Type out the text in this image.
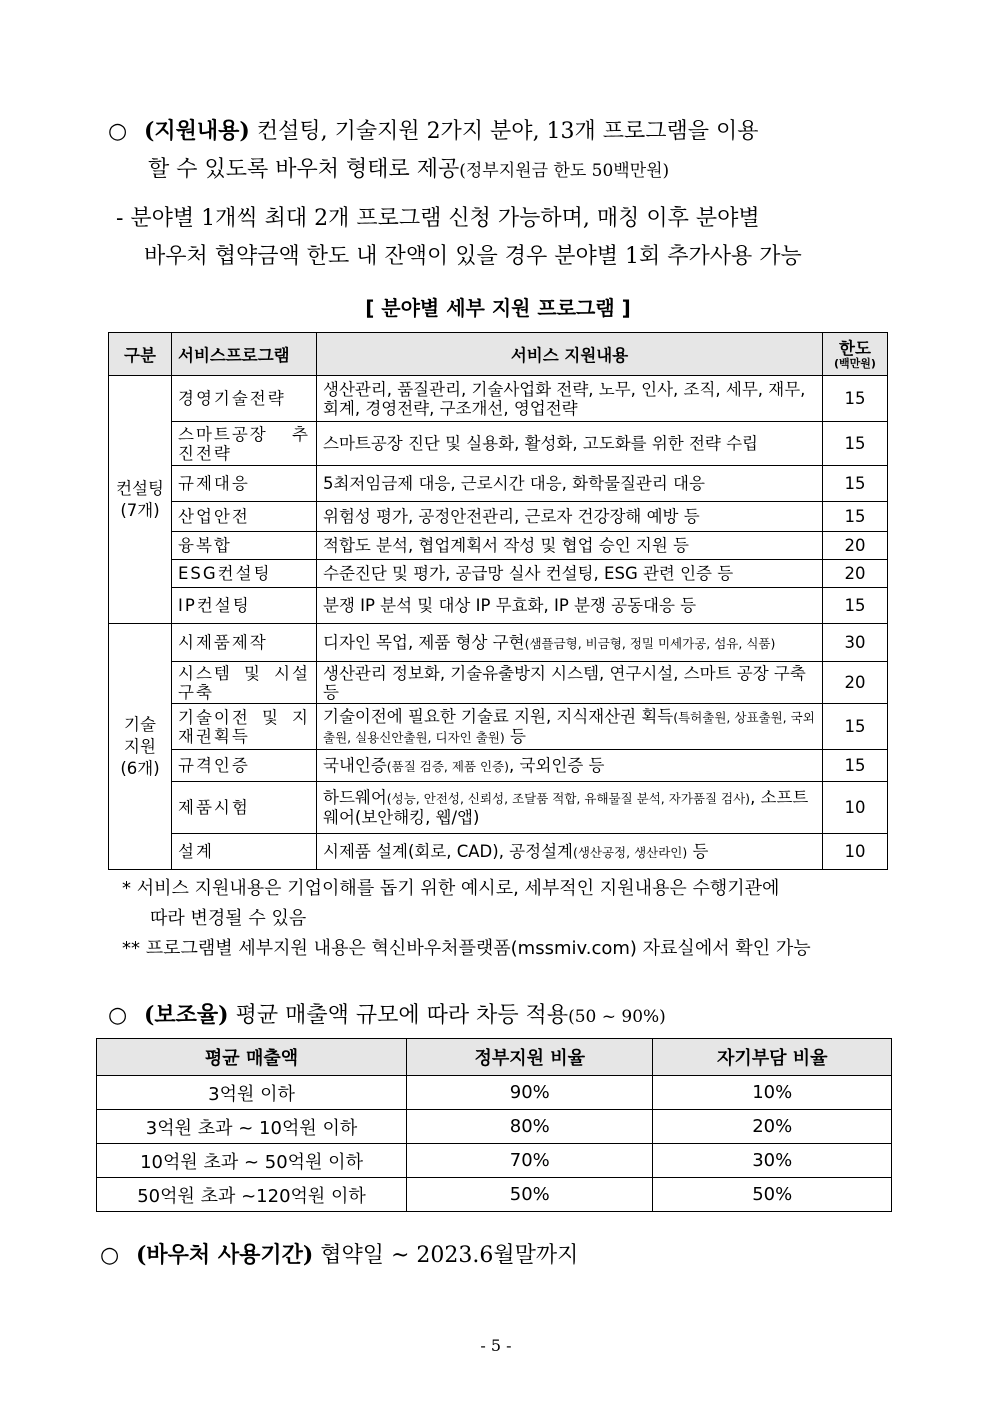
○ (지원내용) 컨설팅, 기술지원 2가지 분야, 13개 프로그램을 이용
할 수 있도록 바우처 형태로 제공(정부지원금 한도 50백만원)
- 분야별 1개씩 최대 2개 프로그램 신청 가능하며, 매칭 이후 분야별
바우처 협약금액 한도 내 잔액이 있을 경우 분야별 1회 추가사용 가능
[ 분야별 세부 지원 프로그램 ]
구분	서비스프로그램	서비스 지원내용	한도
(백만원)

컨설팅
(7개)	경영기술전략	생산관리, 품질관리, 기술사업화 전략, 노무, 인사, 조직, 세무, 재무, 회계, 경영전략, 구조개선, 영업전략	15
	스마트공장 추진전략	스마트공장 진단 및 실용화, 활성화, 고도화를 위한 전략 수립	15
	규제대응	5최저임금제 대응, 근로시간 대응, 화학물질관리 대응	15
	산업안전	위험성 평가, 공정안전관리, 근로자 건강장해 예방 등	15
	융복합	적합도 분석, 협업계획서 작성 및 협업 승인 지원 등	20
	ESG컨설팅	수준진단 및 평가, 공급망 실사 컨설팅, ESG 관련 인증 등	20
	IP컨설팅	분쟁 IP 분석 및 대상 IP 무효화, IP 분쟁 공동대응 등	15

기술
지원
(6개)	시제품제작	디자인 목업, 제품 형상 구현(샘플금형, 비금형, 정밀 미세가공, 섬유, 식품)	30
	시스템 및 시설구축	생산관리 정보화, 기술유출방지 시스템, 연구시설, 스마트 공장 구축 등	20
	기술이전 및 지재권획득	기술이전에 필요한 기술료 지원, 지식재산권 획득(특허출원, 상표출원, 국외출원, 실용신안출원, 디자인 출원) 등	15
	규격인증	국내인증(품질 검증, 제품 인증), 국외인증 등	15
	제품시험	하드웨어(성능, 안전성, 신뢰성, 조달품 적합, 유해물질 분석, 자가품질 검사), 소프트웨어(보안해킹, 웹/앱)	10
	설계	시제품 설계(회로, CAD), 공정설계(생산공정, 생산라인) 등	10
* 서비스 지원내용은 기업이해를 돕기 위한 예시로, 세부적인 지원내용은 수행기관에
따라 변경될 수 있음
** 프로그램별 세부지원 내용은 혁신바우처플랫폼(mssmiv.com) 자료실에서 확인 가능
○ (보조율) 평균 매출액 규모에 따라 차등 적용(50 ~ 90%)
평균 매출액	정부지원 비율	자기부담 비율
3억원 이하	90%	10%
3억원 초과 ~ 10억원 이하	80%	20%
10억원 초과 ~ 50억원 이하	70%	30%
50억원 초과 ~120억원 이하	50%	50%
○ (바우처 사용기간) 협약일 ~ 2023.6월말까지
- 5 -
